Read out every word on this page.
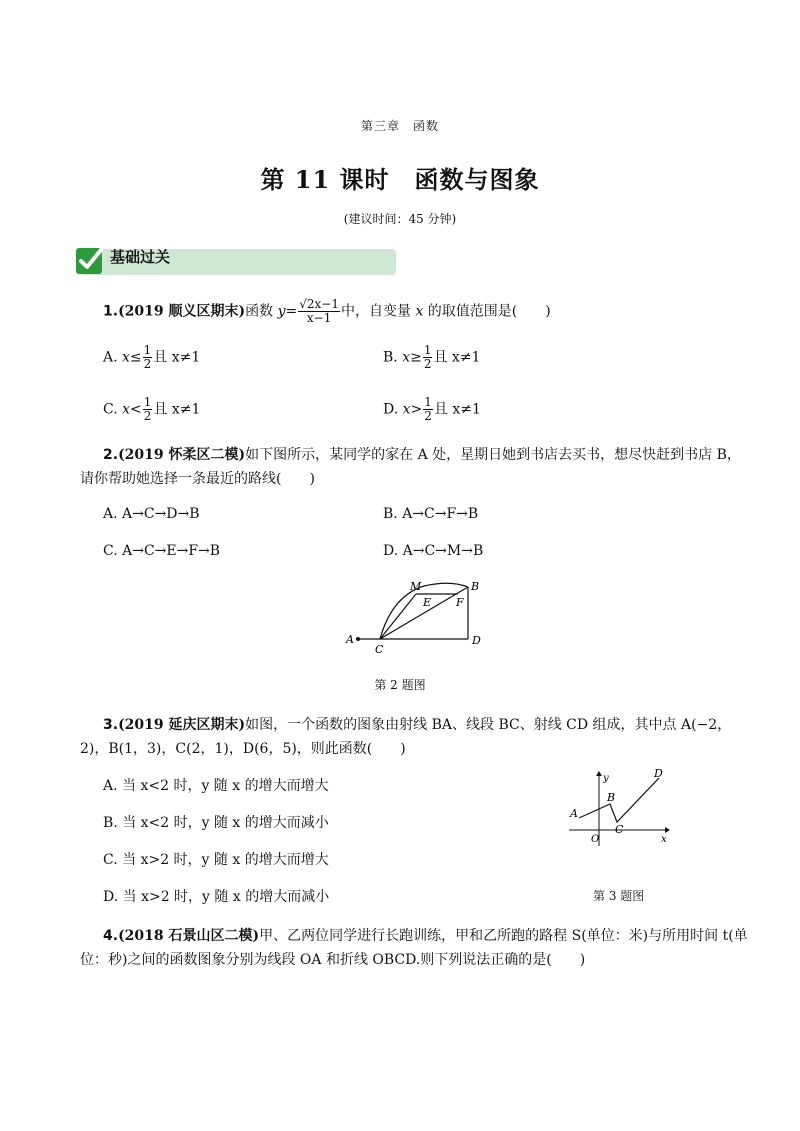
第三章　函数
第 11 课时　函数与图象
(建议时间：45 分钟)
基础过关
1.(2019 顺义区期末)函数 $y= \frac{√2x-1}{x-1}$ 中，自变量 x 的取值范围是(　　)
A. $x\le \frac{1}{2}$ 且 x≠1	B. $x\ge \frac{1}{2}$ 且 x≠1
C. $x< \frac{1}{2}$ 且 x≠1	D. $x> \frac{1}{2}$ 且 x≠1
2.(2019 怀柔区二模)如下图所示，某同学的家在 A 处，星期日她到书店去买书，想尽快赶到书店 B，
请你帮助她选择一条最近的路线(　　)
A. A→C→D→B	B. A→C→F→B
C. A→C→E→F→B	D. A→C→M→B
M	B
E F
A
C
D
第 2 题图
3.(2019 延庆区期末)如图，一个函数的图象由射线 BA、线段 BC、射线 CD 组成，其中点 A(−2，
2)，B(1，3)，C(2，1)，D(6，5)，则此函数(　　)
A. 当 x<2 时，y 随 x 的增大而增大
B. 当 x<2 时，y 随 x 的增大而减小
C. 当 x>2 时，y 随 x 的增大而增大
D. 当 x>2 时，y 随 x 的增大而减小
y	D
A
B
C
O	x
第 3 题图
4.(2018 石景山区二模)甲、乙两位同学进行长跑训练，甲和乙所跑的路程 S(单位：米)与所用时间 t(单
位：秒)之间的函数图象分别为线段 OA 和折线 OBCD.则下列说法正确的是(　　)
